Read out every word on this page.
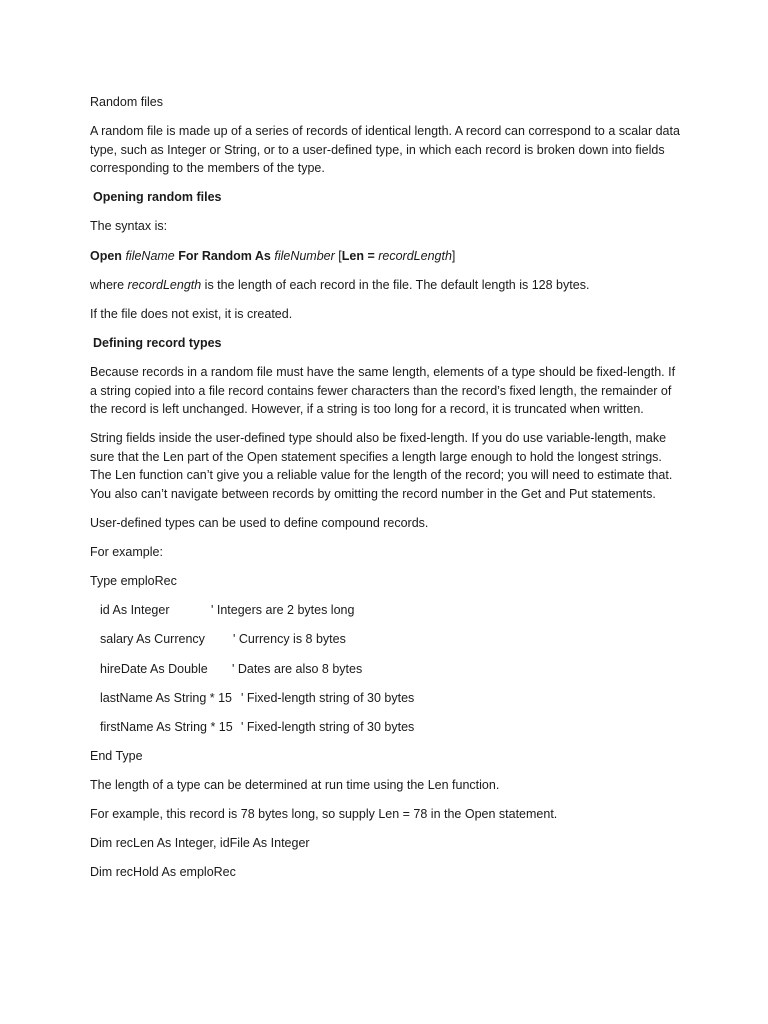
Random files

A random file is made up of a series of records of identical length. A record can correspond to a scalar data type, such as Integer or String, or to a user-defined type, in which each record is broken down into fields corresponding to the members of the type.

Opening random files

The syntax is:

Open fileName For Random As fileNumber [Len = recordLength]

where recordLength is the length of each record in the file. The default length is 128 bytes.

If the file does not exist, it is created.

Defining record types

Because records in a random file must have the same length, elements of a type should be fixed-length. If a string copied into a file record contains fewer characters than the record’s fixed length, the remainder of the record is left unchanged. However, if a string is too long for a record, it is truncated when written.

String fields inside the user-defined type should also be fixed-length. If you do use variable-length, make sure that the Len part of the Open statement specifies a length large enough to hold the longest strings. The Len function can’t give you a reliable value for the length of the record; you will need to estimate that. You also can’t navigate between records by omitting the record number in the Get and Put statements.

User-defined types can be used to define compound records.

For example:

Type emploRec

id As Integer	' Integers are 2 bytes long

salary As Currency	' Currency is 8 bytes

hireDate As Double	' Dates are also 8 bytes

lastName As String * 15 ' Fixed-length string of 30 bytes

firstName As String * 15 ' Fixed-length string of 30 bytes

End Type

The length of a type can be determined at run time using the Len function.

For example, this record is 78 bytes long, so supply Len = 78 in the Open statement.

Dim recLen As Integer, idFile As Integer

Dim recHold As emploRec
